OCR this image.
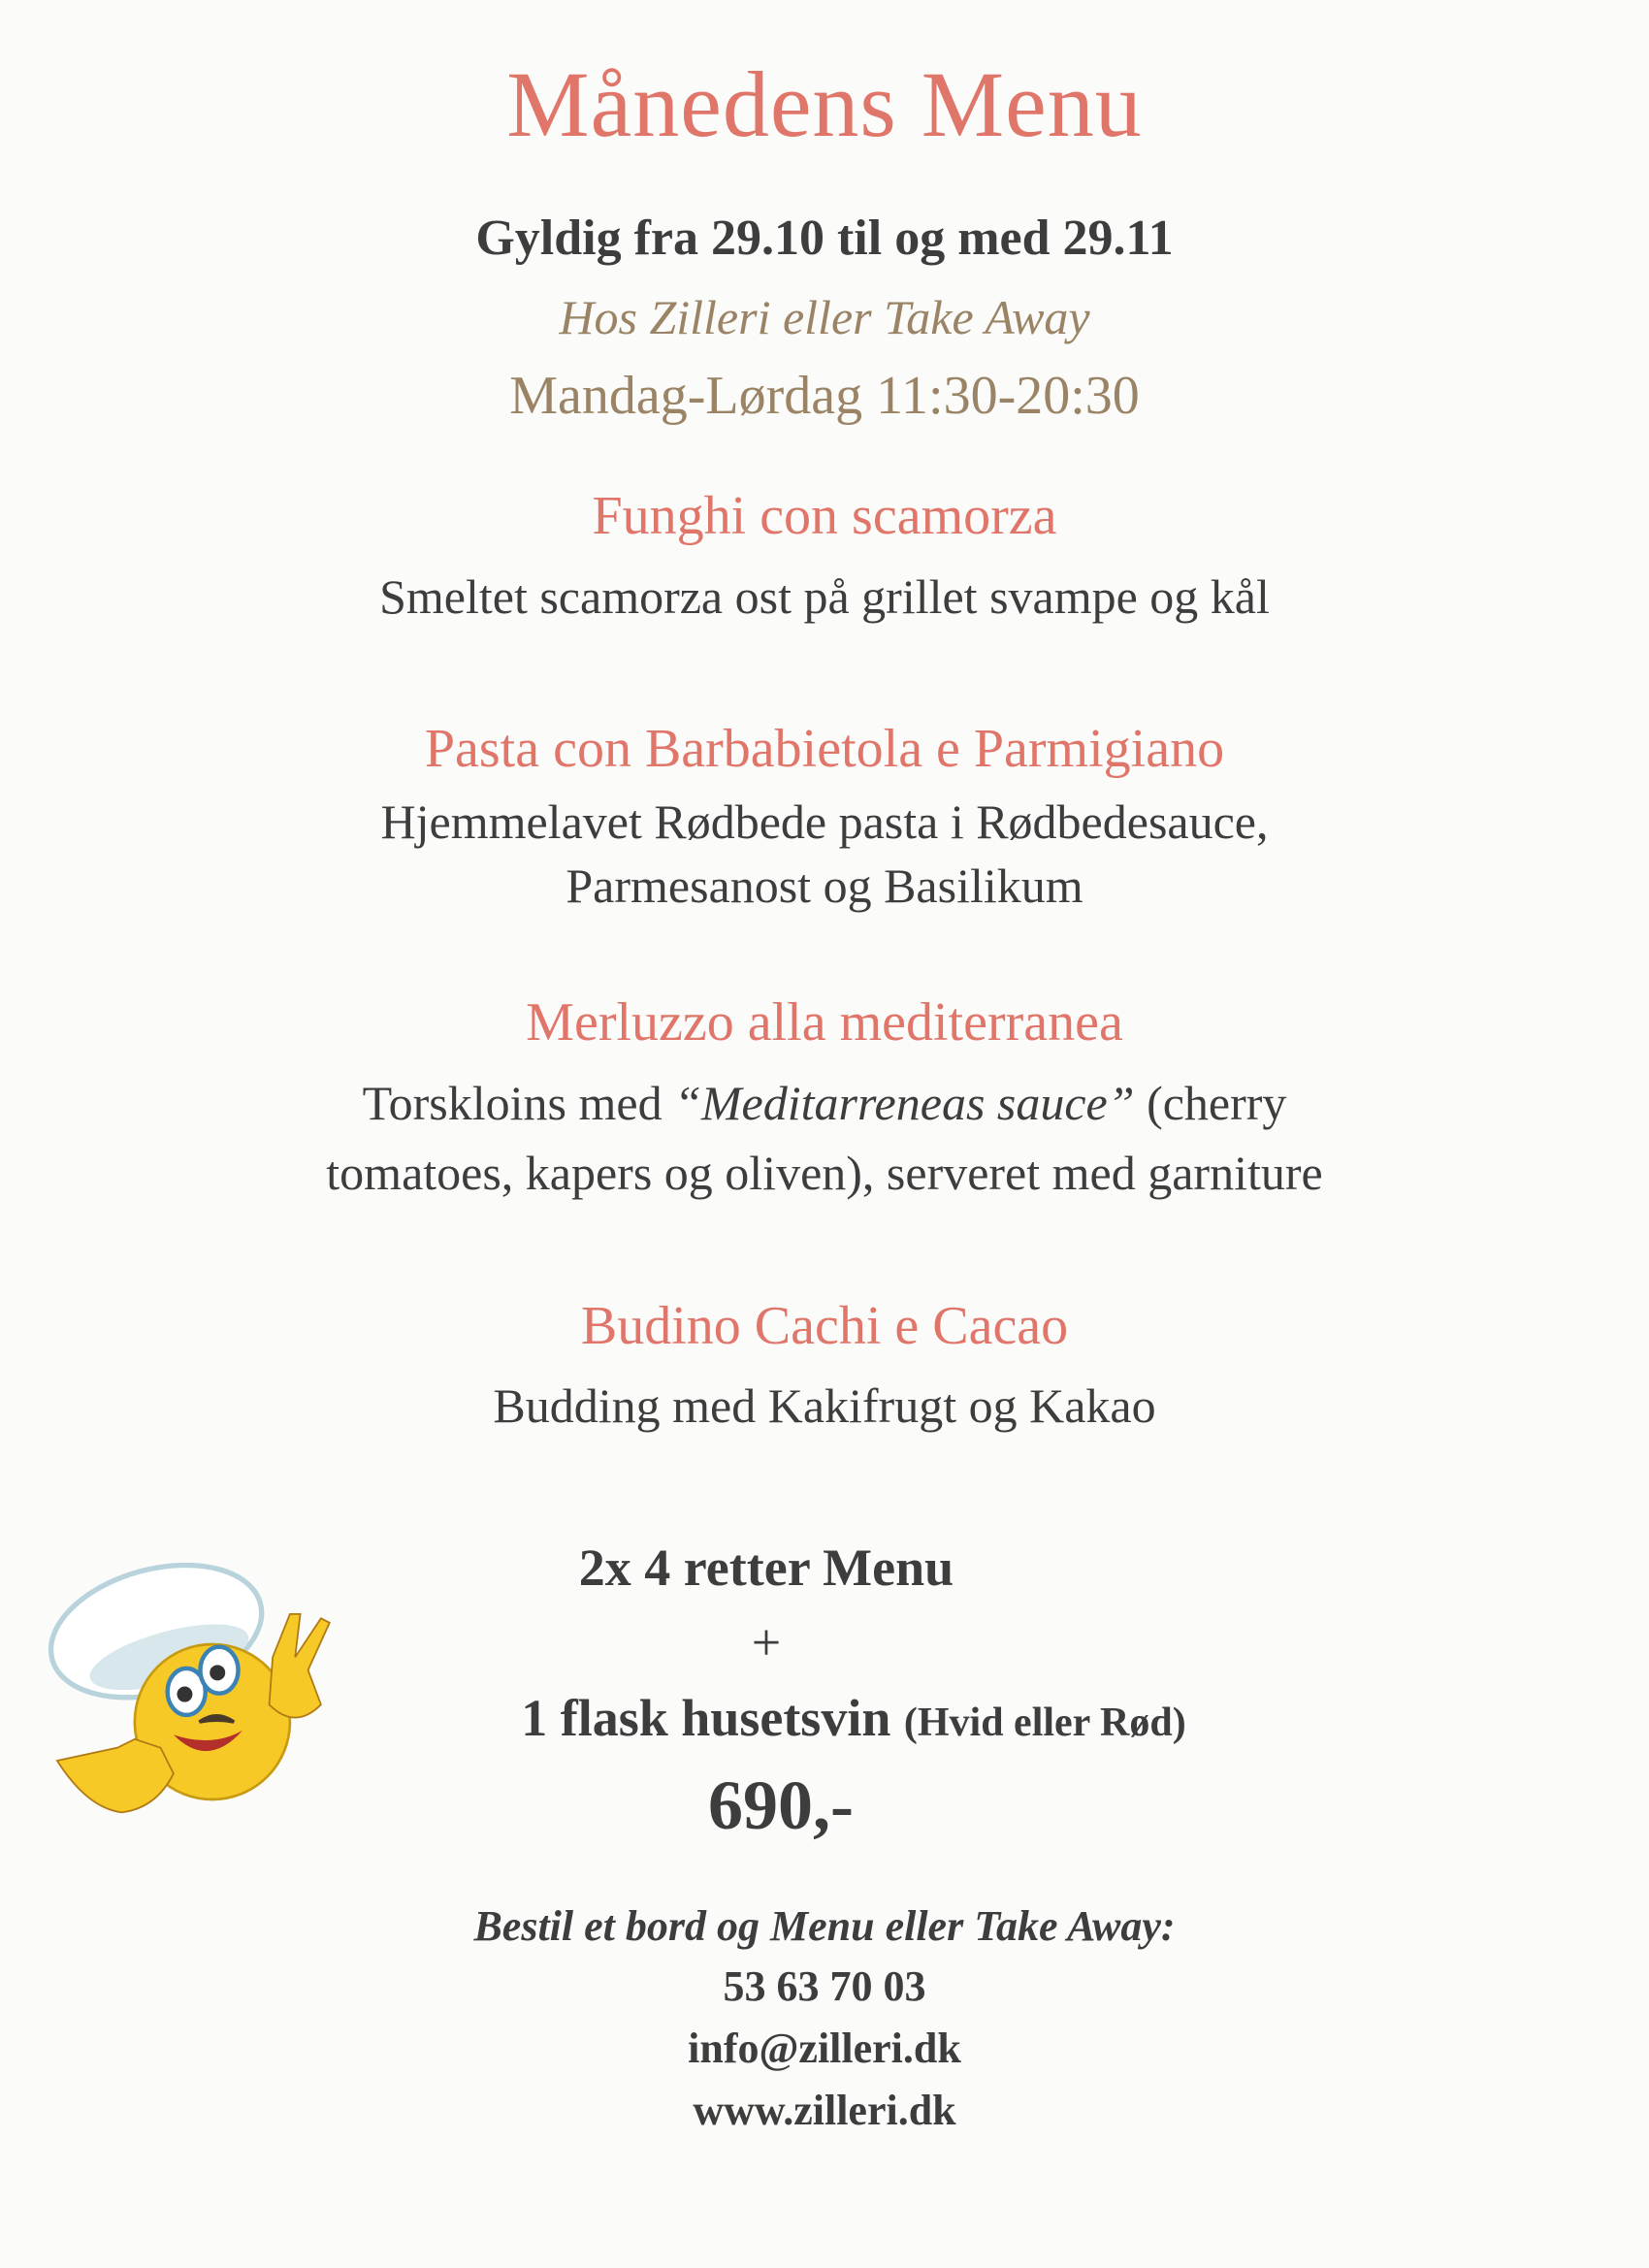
Månedens Menu
Gyldig fra 29.10 til og med 29.11
Hos Zilleri eller Take Away
Mandag-Lørdag 11:30-20:30
Funghi con scamorza
Smeltet scamorza ost på grillet svampe og kål
Pasta con Barbabietola e Parmigiano
Hjemmelavet Rødbede pasta i Rødbedesauce,
Parmesanost og Basilikum
Merluzzo alla mediterranea
Torskloins med “Meditarreneas sauce” (cherry
tomatoes, kapers og oliven), serveret med garniture
Budino Cachi e Cacao
Budding med Kakifrugt og Kakao
2x 4 retter Menu
+
1 flask husetsvin (Hvid eller Rød)
690,-
Bestil et bord og Menu eller Take Away:
53 63 70 03
info@zilleri.dk
www.zilleri.dk
